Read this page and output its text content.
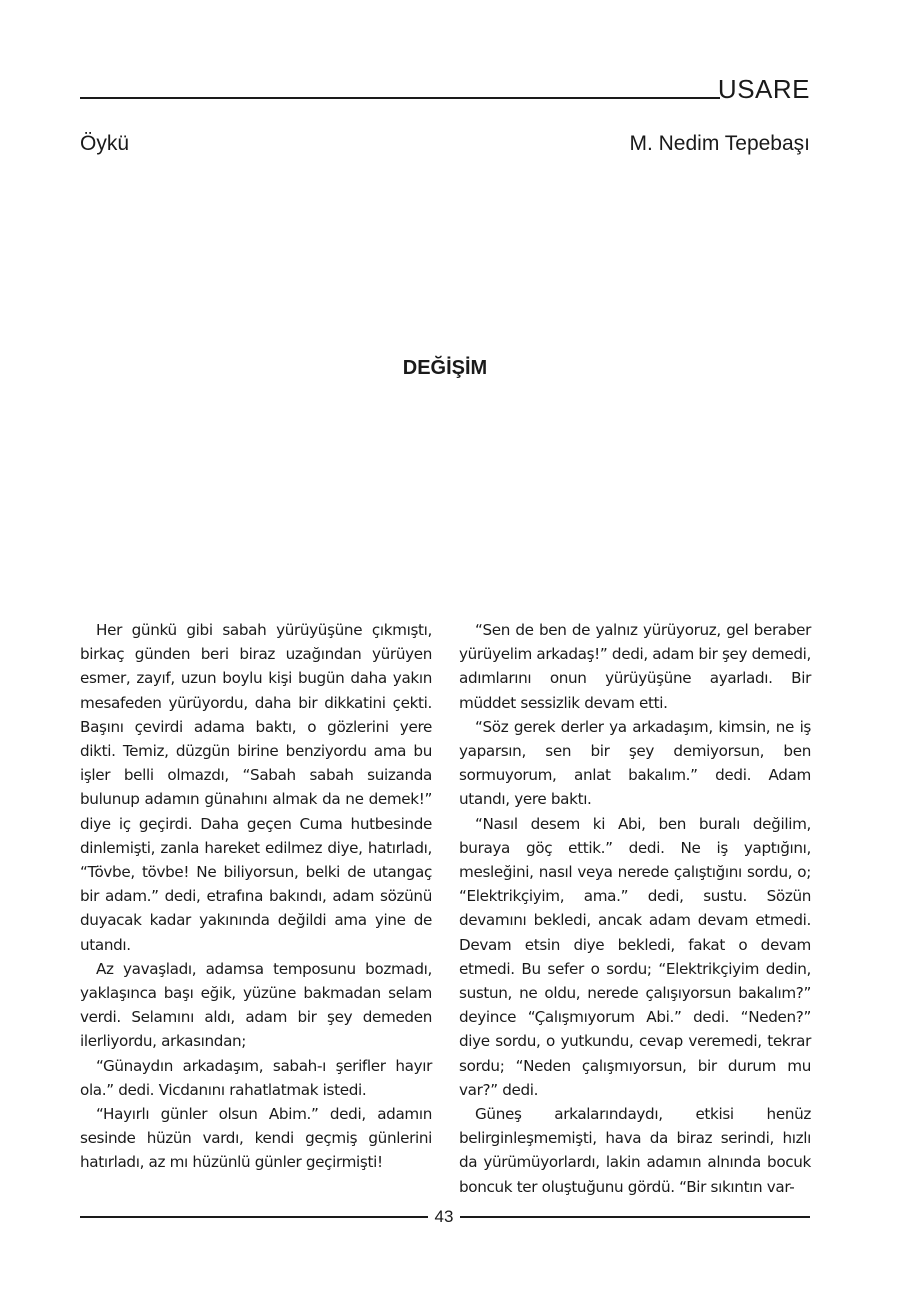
USARE
Öykü	M. Nedim Tepebaşı
DEĞİŞİM

Her günkü gibi sabah yürüyüşüne çıkmıştı, birkaç günden beri biraz uzağından yürüyen esmer, zayıf, uzun boylu kişi bugün daha yakın mesafeden yürüyordu, daha bir dikkatini çekti. Başını çevirdi adama baktı, o gözlerini yere dikti. Temiz, düzgün birine benziyordu ama bu işler belli olmazdı, “Sabah sabah suizanda bulunup adamın günahını almak da ne demek!” diye iç geçirdi. Daha geçen Cuma hutbesinde dinlemişti, zanla hareket edilmez diye, hatırladı, “Tövbe, tövbe! Ne biliyorsun, belki de utangaç bir adam.” dedi, etrafına bakındı, adam sözünü duyacak kadar yakınında değildi ama yine de utandı.

Az yavaşladı, adamsa temposunu bozmadı, yaklaşınca başı eğik, yüzüne bakmadan selam verdi. Selamını aldı, adam bir şey demeden ilerliyordu, arkasından;

“Günaydın arkadaşım, sabah-ı şerifler hayır ola.” dedi. Vicdanını rahatlatmak istedi.

“Hayırlı günler olsun Abim.” dedi, adamın sesinde hüzün vardı, kendi geçmiş günlerini hatırladı, az mı hüzünlü günler geçirmişti!

“Sen de ben de yalnız yürüyoruz, gel beraber yürüyelim arkadaş!” dedi, adam bir şey demedi, adımlarını onun yürüyüşüne ayarladı. Bir müddet sessizlik devam etti.

“Söz gerek derler ya arkadaşım, kimsin, ne iş yaparsın, sen bir şey demiyorsun, ben sormuyorum, anlat bakalım.” dedi. Adam utandı, yere baktı.

“Nasıl desem ki Abi, ben buralı değilim, buraya göç ettik.” dedi. Ne iş yaptığını, mesleğini, nasıl veya nerede çalıştığını sordu, o; “Elektrikçiyim, ama.” dedi, sustu. Sözün devamını bekledi, ancak adam devam etmedi. Devam etsin diye bekledi, fakat o devam etmedi. Bu sefer o sordu; “Elektrikçiyim dedin, sustun, ne oldu, nerede çalışıyorsun bakalım?” deyince “Çalışmıyorum Abi.” dedi. “Neden?” diye sordu, o yutkundu, cevap veremedi, tekrar sordu; “Neden çalışmıyorsun, bir durum mu var?” dedi.

Güneş arkalarındaydı, etkisi henüz belirginleşmemişti, hava da biraz serindi, hızlı da yürümüyorlardı, lakin adamın alnında bocuk boncuk ter oluştuğunu gördü. “Bir sıkıntın var-

43
